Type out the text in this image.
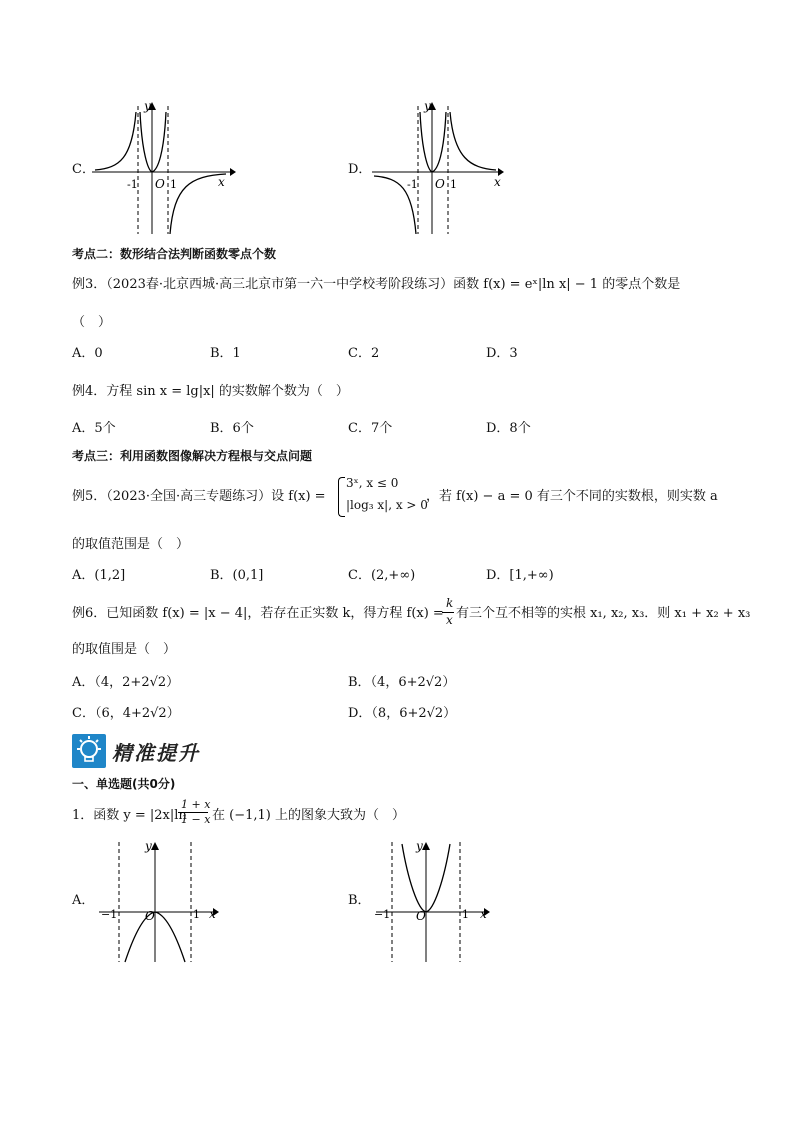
C．
y
x
O
-1	1
D．
y
x
O
-1	1
考点二：数形结合法判断函数零点个数
例3．（2023春·北京西城·高三北京市第一六一中学校考阶段练习）函数 f(x) = eˣ|ln x| − 1 的零点个数是
（　）
A．0	B．1	C．2	D．3
例4．方程 sin x = lg|x| 的实数解个数为（　）
A．5个	B．6个	C．7个	D．8个
考点三：利用函数图像解决方程根与交点问题
例5．（2023·全国·高三专题练习）设 f(x) =
3ˣ, x ≤ 0
|log₃ x|, x > 0
，若 f(x) − a = 0 有三个不同的实数根，则实数 a
的取值范围是（　）
A．(1,2]	B．(0,1]	C．(2,+∞)	D．[1,+∞)
例6．已知函数 f(x) = |x − 4|，若存在正实数 k，得方程 f(x) =
k
x 有三个互不相等的实根 x₁, x₂, x₃．则 x₁ + x₂ + x₃
的取值围是（　）
A．（4，2+2√2）	B．（4，6+2√2）
C．（6，4+2√2）	D．（8，6+2√2）
精准提升
一、单选题(共0分)
1．函数 y = |2x|ln
1 + x
1 − x 在 (−1,1) 上的图象大致为（　）
A．
y
x
O
−1	1
B．
y
x
O
−1	1
